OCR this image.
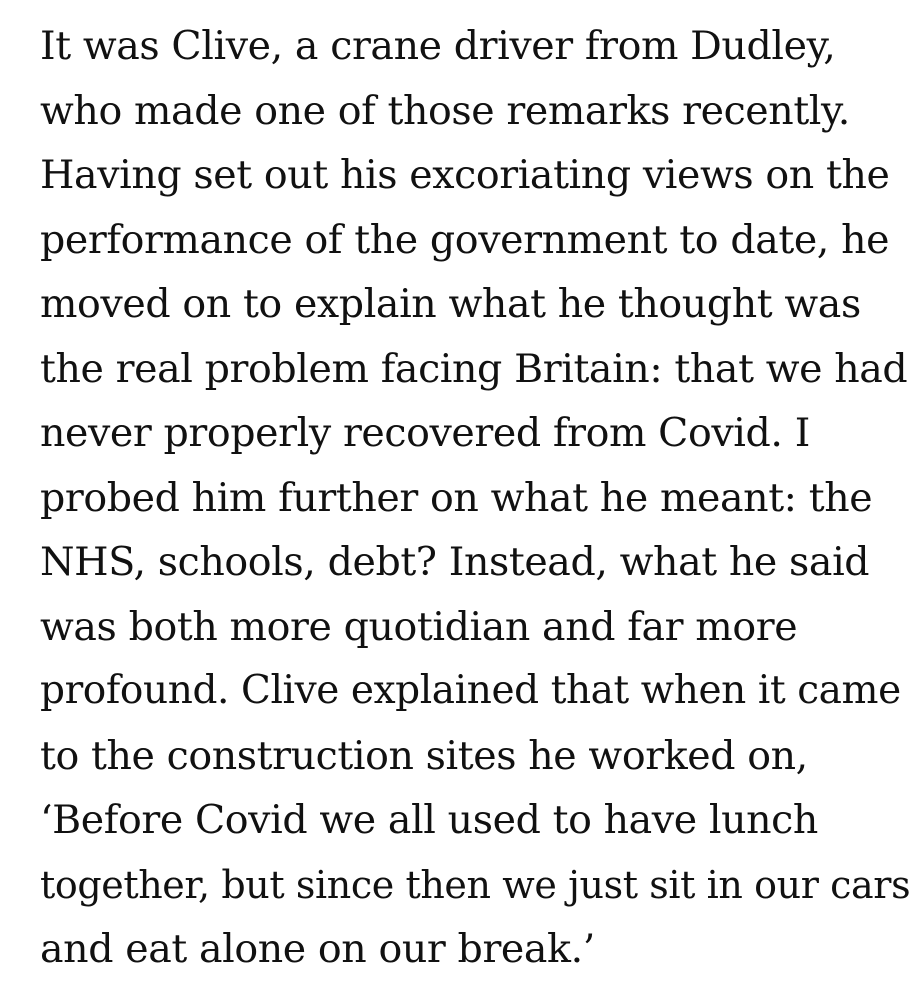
It was Clive, a crane driver from Dudley,
who made one of those remarks recently.
Having set out his excoriating views on the
performance of the government to date, he
moved on to explain what he thought was
the real problem facing Britain: that we had
never properly recovered from Covid. I
probed him further on what he meant: the
NHS, schools, debt? Instead, what he said
was both more quotidian and far more
profound. Clive explained that when it came
to the construction sites he worked on,
‘Before Covid we all used to have lunch
together, but since then we just sit in our cars
and eat alone on our break.’
